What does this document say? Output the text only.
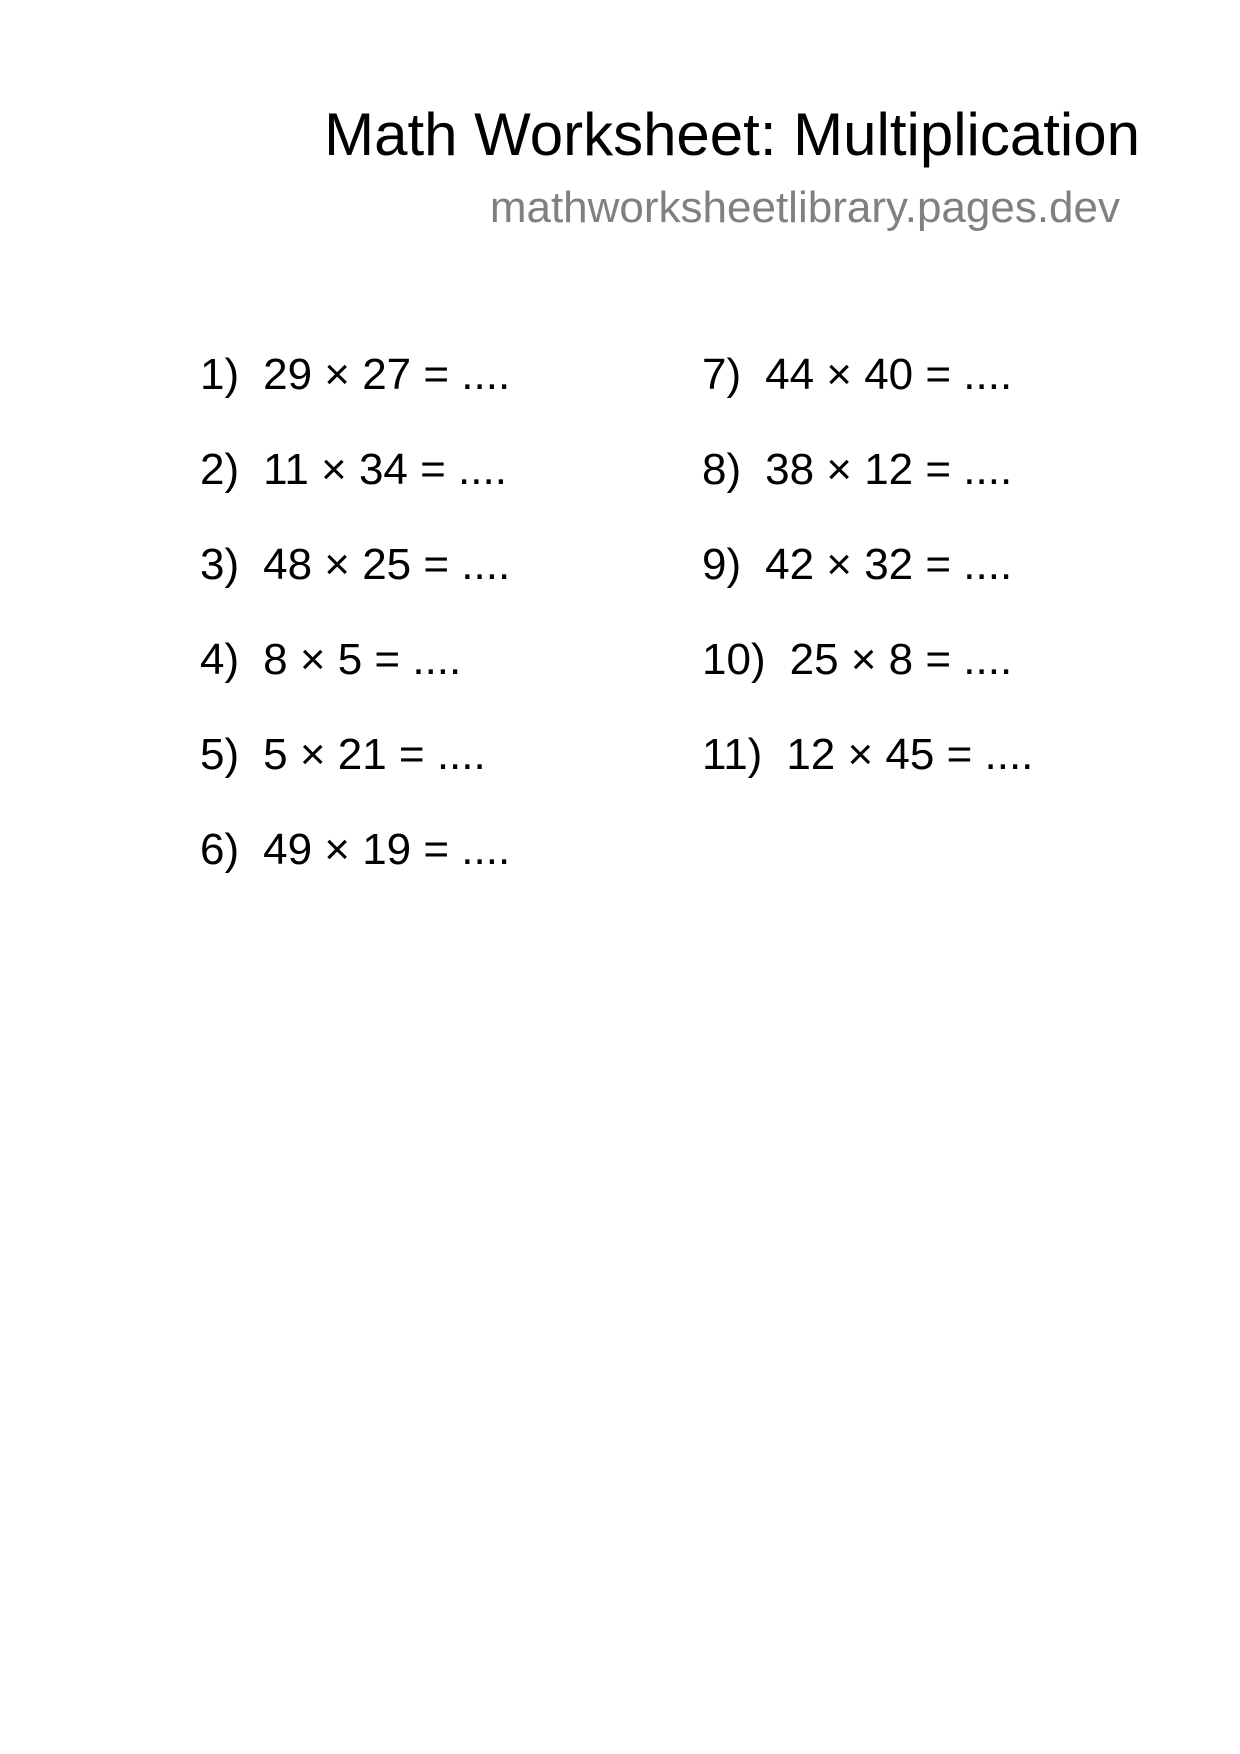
Math Worksheet: Multiplication
mathworksheetlibrary.pages.dev
1) 29 × 27 = ....
2) 11 × 34 = ....
3) 48 × 25 = ....
4) 8 × 5 = ....
5) 5 × 21 = ....
6) 49 × 19 = ....
7) 44 × 40 = ....
8) 38 × 12 = ....
9) 42 × 32 = ....
10) 25 × 8 = ....
11) 12 × 45 = ....
